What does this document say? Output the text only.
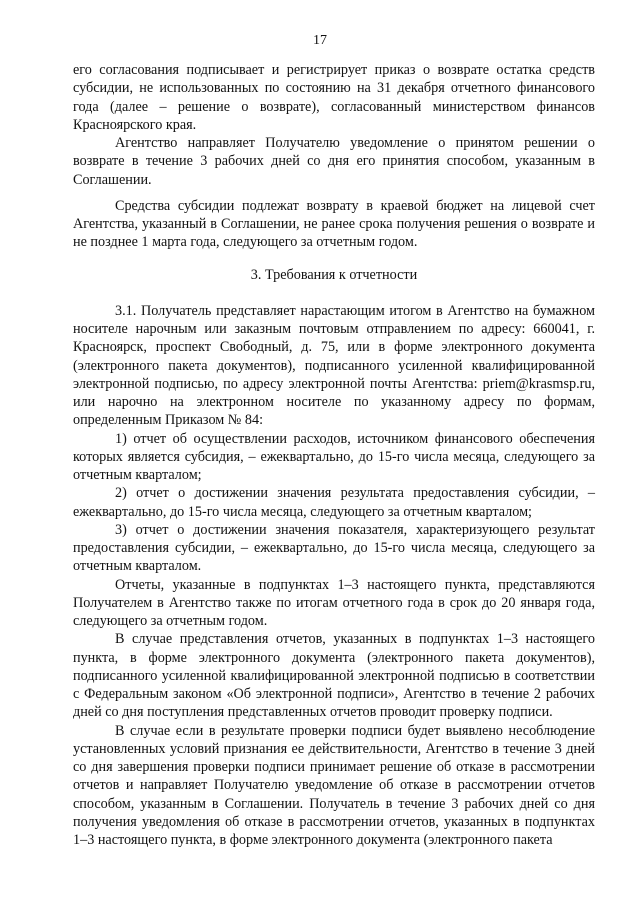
17

его согласования подписывает и регистрирует приказ о возврате остатка средств субсидии, не использованных по состоянию на 31 декабря отчетного финансового года (далее – решение о возврате), согласованный министерством финансов Красноярского края.

Агентство направляет Получателю уведомление о принятом решении о возврате в течение 3 рабочих дней со дня его принятия способом, указанным в Соглашении.

Средства субсидии подлежат возврату в краевой бюджет на лицевой счет Агентства, указанный в Соглашении, не ранее срока получения решения о возврате и не позднее 1 марта года, следующего за отчетным годом.

3. Требования к отчетности

3.1. Получатель представляет нарастающим итогом в Агентство на бумажном носителе нарочным или заказным почтовым отправлением по адресу: 660041, г. Красноярск, проспект Свободный, д. 75, или в форме электронного документа (электронного пакета документов), подписанного усиленной квалифицированной электронной подписью, по адресу электронной почты Агентства: priem@krasmsp.ru, или нарочно на электронном носителе по указанному адресу по формам, определенным Приказом № 84:

1) отчет об осуществлении расходов, источником финансового обеспечения которых является субсидия, – ежеквартально, до 15-го числа месяца, следующего за отчетным кварталом;

2) отчет о достижении значения результата предоставления субсидии, – ежеквартально, до 15-го числа месяца, следующего за отчетным кварталом;

3) отчет о достижении значения показателя, характеризующего результат предоставления субсидии, – ежеквартально, до 15-го числа месяца, следующего за отчетным кварталом.

Отчеты, указанные в подпунктах 1–3 настоящего пункта, представляются Получателем в Агентство также по итогам отчетного года в срок до 20 января года, следующего за отчетным годом.

В случае представления отчетов, указанных в подпунктах 1–3 настоящего пункта, в форме электронного документа (электронного пакета документов), подписанного усиленной квалифицированной электронной подписью в соответствии с Федеральным законом «Об электронной подписи», Агентство в течение 2 рабочих дней со дня поступления представленных отчетов проводит проверку подписи.

В случае если в результате проверки подписи будет выявлено несоблюдение установленных условий признания ее действительности, Агентство в течение 3 дней со дня завершения проверки подписи принимает решение об отказе в рассмотрении отчетов и направляет Получателю уведомление об отказе в рассмотрении отчетов способом, указанным в Соглашении. Получатель в течение 3 рабочих дней со дня получения уведомления об отказе в рассмотрении отчетов, указанных в подпунктах 1–3 настоящего пункта, в форме электронного документа (электронного пакета
